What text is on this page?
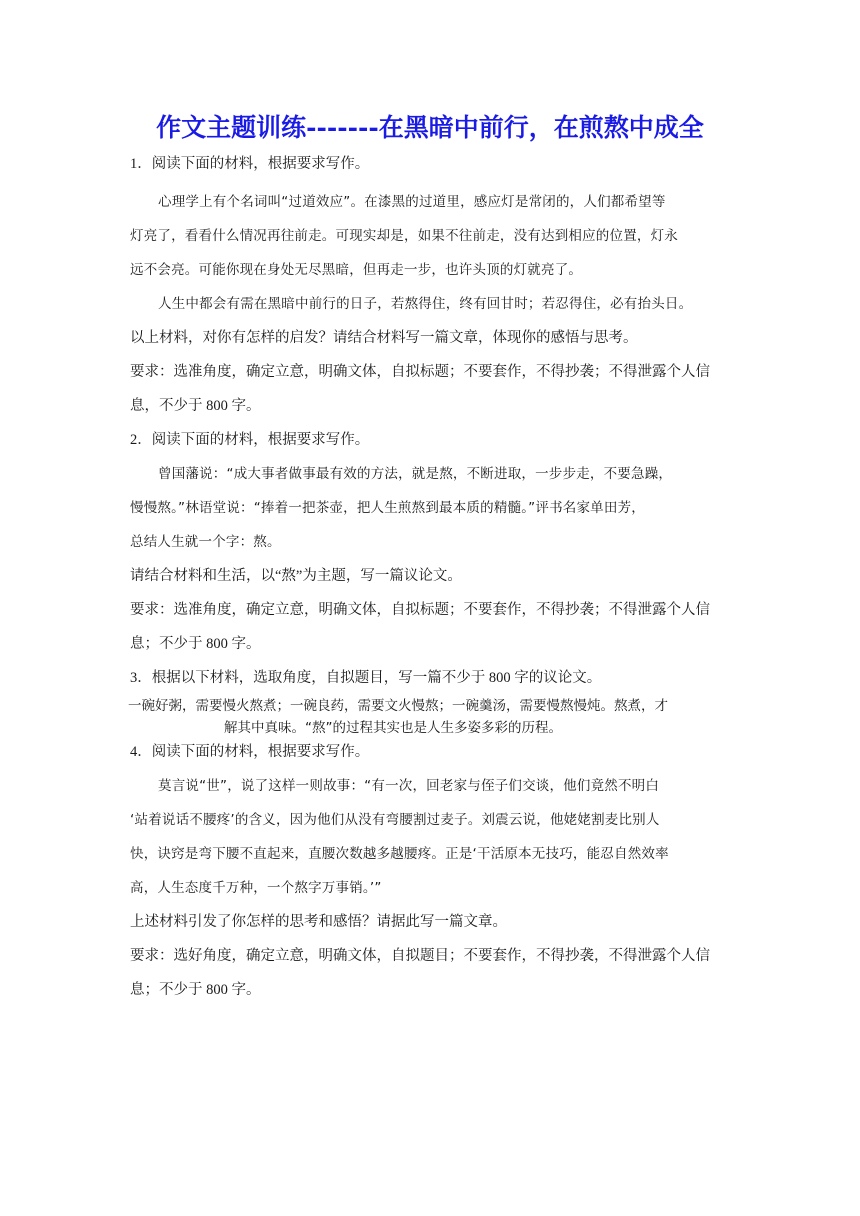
作文主题训练-------在黑暗中前行，在煎熬中成全
1．阅读下面的材料，根据要求写作。
心理学上有个名词叫“过道效应”。在漆黑的过道里，感应灯是常闭的，人们都希望等
灯亮了，看看什么情况再往前走。可现实却是，如果不往前走，没有达到相应的位置，灯永
远不会亮。可能你现在身处无尽黑暗，但再走一步，也许头顶的灯就亮了。
人生中都会有需在黑暗中前行的日子，若熬得住，终有回甘时；若忍得住，必有抬头日。
以上材料，对你有怎样的启发？请结合材料写一篇文章，体现你的感悟与思考。
要求：选准角度，确定立意，明确文体，自拟标题；不要套作，不得抄袭；不得泄露个人信
息，不少于 800 字。
2．阅读下面的材料，根据要求写作。
曾国藩说：“成大事者做事最有效的方法，就是熬，不断进取，一步步走，不要急躁，
慢慢熬。”林语堂说：“捧着一把茶壶，把人生煎熬到最本质的精髓。”评书名家单田芳，
总结人生就一个字：熬。
请结合材料和生活，以“熬”为主题，写一篇议论文。
要求：选准角度，确定立意，明确文体，自拟标题；不要套作，不得抄袭；不得泄露个人信
息；不少于 800 字。
3．根据以下材料，选取角度，自拟题目，写一篇不少于 800 字的议论文。
一碗好粥，需要慢火熬煮；一碗良药，需要文火慢熬；一碗羹汤，需要慢熬慢炖。熬煮，才
解其中真味。“熬”的过程其实也是人生多姿多彩的历程。
4．阅读下面的材料，根据要求写作。
莫言说“世”，说了这样一则故事：“有一次，回老家与侄子们交谈，他们竟然不明白
‘站着说话不腰疼’的含义，因为他们从没有弯腰割过麦子。刘震云说，他姥姥割麦比别人
快，诀窍是弯下腰不直起来，直腰次数越多越腰疼。正是‘干活原本无技巧，能忍自然效率
高，人生态度千万种，一个熬字万事销。’”
上述材料引发了你怎样的思考和感悟？请据此写一篇文章。
要求：选好角度，确定立意，明确文体，自拟题目；不要套作，不得抄袭，不得泄露个人信
息；不少于 800 字。
